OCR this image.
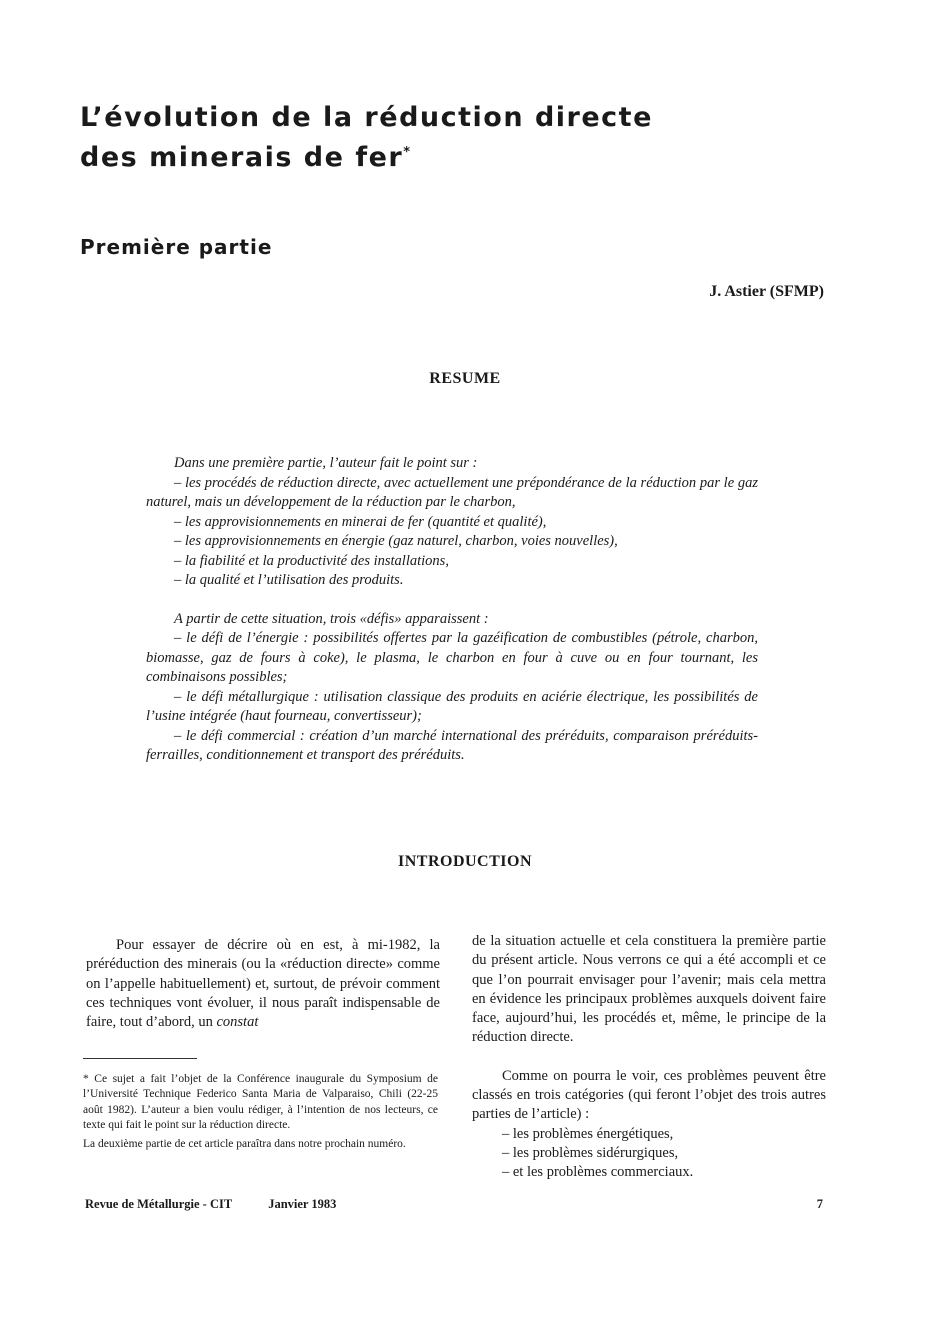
L’évolution de la réduction directe
des minerais de fer*
Première partie
J. Astier (SFMP)
RESUME

Dans une première partie, l’auteur fait le point sur :

– les procédés de réduction directe, avec actuellement une prépondérance de la réduction par le gaz naturel, mais un développement de la réduction par le charbon,

– les approvisionnements en minerai de fer (quantité et qualité),

– les approvisionnements en énergie (gaz naturel, charbon, voies nouvelles),

– la fiabilité et la productivité des installations,

– la qualité et l’utilisation des produits.

A partir de cette situation, trois «défis» apparaissent :

– le défi de l’énergie : possibilités offertes par la gazéification de combustibles (pétrole, charbon, biomasse, gaz de fours à coke), le plasma, le charbon en four à cuve ou en four tournant, les combinaisons possibles;

– le défi métallurgique : utilisation classique des produits en aciérie électrique, les possibilités de l’usine intégrée (haut fourneau, convertisseur);

– le défi commercial : création d’un marché international des préréduits, comparaison préréduits-ferrailles, conditionnement et transport des préréduits.

INTRODUCTION

Pour essayer de décrire où en est, à mi-1982, la préréduction des minerais (ou la «réduction directe» comme on l’appelle habituellement) et, surtout, de prévoir comment ces techniques vont évoluer, il nous paraît indispensable de faire, tout d’abord, un constat

de la situation actuelle et cela constituera la première partie du présent article. Nous verrons ce qui a été accompli et ce que l’on pourrait envisager pour l’avenir; mais cela mettra en évidence les principaux problèmes auxquels doivent faire face, aujourd’hui, les procédés et, même, le principe de la réduction directe.

Comme on pourra le voir, ces problèmes peuvent être classés en trois catégories (qui feront l’objet des trois autres parties de l’article) :

– les problèmes énergétiques,

– les problèmes sidérurgiques,

– et les problèmes commerciaux.

* Ce sujet a fait l’objet de la Conférence inaugurale du Symposium de l’Université Technique Federico Santa Maria de Valparaiso, Chili (22-25 août 1982). L’auteur a bien voulu rédiger, à l’intention de nos lecteurs, ce texte qui fait le point sur la réduction directe.

La deuxième partie de cet article paraîtra dans notre prochain numéro.

Revue de Métallurgie - CIT	Janvier 1983	7
